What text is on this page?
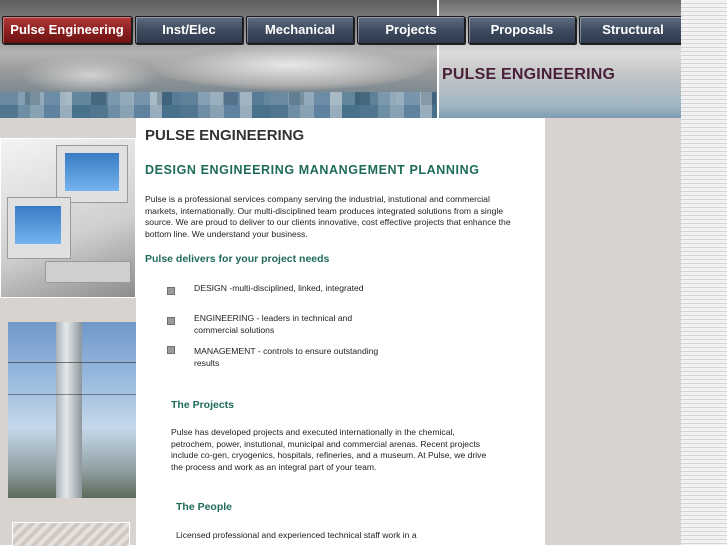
PULSE ENGINEERING
Pulse Engineering	Inst/Elec	Mechanical	Projects	Proposals	Structural
PULSE ENGINEERING
DESIGN ENGINEERING MANANGEMENT PLANNING
Pulse is a professional services company serving the industrial, instutional and commercial markets, internationally. Our multi-disciplined team produces integrated solutions from a single source. We are proud to deliver to our clients innovative, cost effective projects that enhance the bottom line. We understand your business.
Pulse delivers for your project needs
DESIGN -multi-disciplined, linked, integrated
ENGINEERING - leaders in technical and commercial solutions
MANAGEMENT - controls to ensure outstanding results
The Projects
Pulse has developed projects and executed internationally in the chemical, petrochem, power, instutional, municipal and commercial arenas. Recent projects include co-gen, cryogenics, hospitals, refineries, and a museum. At Pulse, we drive the process and work as an integral part of your team.
The People
Licensed professional and experienced technical staff work in a
